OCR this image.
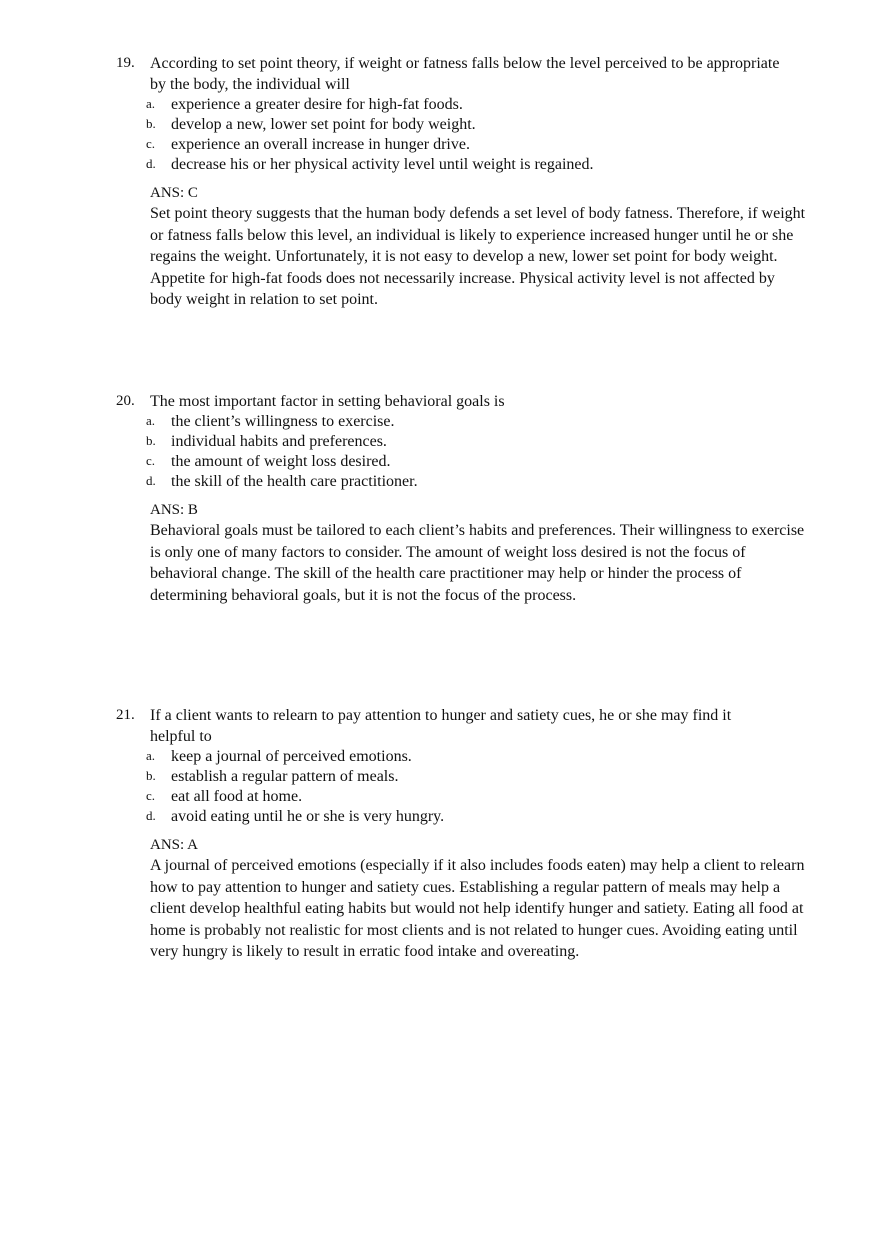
19. According to set point theory, if weight or fatness falls below the level perceived to be appropriate by the body, the individual will
a. experience a greater desire for high-fat foods.
b. develop a new, lower set point for body weight.
c. experience an overall increase in hunger drive.
d. decrease his or her physical activity level until weight is regained.
ANS: C
Set point theory suggests that the human body defends a set level of body fatness. Therefore, if weight or fatness falls below this level, an individual is likely to experience increased hunger until he or she regains the weight. Unfortunately, it is not easy to develop a new, lower set point for body weight. Appetite for high-fat foods does not necessarily increase. Physical activity level is not affected by body weight in relation to set point.
20. The most important factor in setting behavioral goals is
a. the client’s willingness to exercise.
b. individual habits and preferences.
c. the amount of weight loss desired.
d. the skill of the health care practitioner.
ANS: B
Behavioral goals must be tailored to each client’s habits and preferences. Their willingness to exercise is only one of many factors to consider. The amount of weight loss desired is not the focus of behavioral change. The skill of the health care practitioner may help or hinder the process of determining behavioral goals, but it is not the focus of the process.
21. If a client wants to relearn to pay attention to hunger and satiety cues, he or she may find it helpful to
a. keep a journal of perceived emotions.
b. establish a regular pattern of meals.
c. eat all food at home.
d. avoid eating until he or she is very hungry.
ANS: A
A journal of perceived emotions (especially if it also includes foods eaten) may help a client to relearn how to pay attention to hunger and satiety cues. Establishing a regular pattern of meals may help a client develop healthful eating habits but would not help identify hunger and satiety. Eating all food at home is probably not realistic for most clients and is not related to hunger cues. Avoiding eating until very hungry is likely to result in erratic food intake and overeating.
